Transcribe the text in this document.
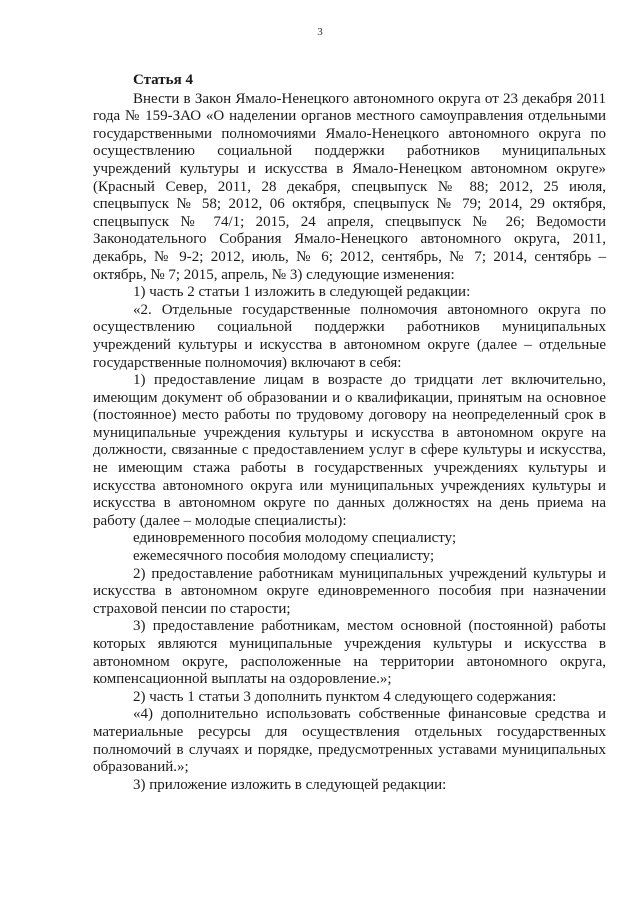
3
Статья 4

Внести в Закон Ямало-Ненецкого автономного округа от 23 декабря 2011 года № 159-ЗАО «О наделении органов местного самоуправления отдельными государственными полномочиями Ямало-Ненецкого автономного округа по осуществлению социальной поддержки работников муниципальных учреждений культуры и искусства в Ямало-Ненецком автономном округе» (Красный Север, 2011, 28 декабря, спецвыпуск № 88; 2012, 25 июля, спецвыпуск № 58; 2012, 06 октября, спецвыпуск № 79; 2014, 29 октября, спецвыпуск № 74/1; 2015, 24 апреля, спецвыпуск № 26; Ведомости Законодательного Собрания Ямало-Ненецкого автономного округа, 2011, декабрь, № 9-2; 2012, июль, № 6; 2012, сентябрь, № 7; 2014, сентябрь – октябрь, № 7; 2015, апрель, № 3) следующие изменения:

1) часть 2 статьи 1 изложить в следующей редакции:

«2. Отдельные государственные полномочия автономного округа по осуществлению социальной поддержки работников муниципальных учреждений культуры и искусства в автономном округе (далее – отдельные государственные полномочия) включают в себя:

1) предоставление лицам в возрасте до тридцати лет включительно, имеющим документ об образовании и о квалификации, принятым на основное (постоянное) место работы по трудовому договору на неопределенный срок в муниципальные учреждения культуры и искусства в автономном округе на должности, связанные с предоставлением услуг в сфере культуры и искусства, не имеющим стажа работы в государственных учреждениях культуры и искусства автономного округа или муниципальных учреждениях культуры и искусства в автономном округе по данных должностях на день приема на работу (далее – молодые специалисты):

единовременного пособия молодому специалисту;

ежемесячного пособия молодому специалисту;

2) предоставление работникам муниципальных учреждений культуры и искусства в автономном округе единовременного пособия при назначении страховой пенсии по старости;

3) предоставление работникам, местом основной (постоянной) работы которых являются муниципальные учреждения культуры и искусства в автономном округе, расположенные на территории автономного округа, компенсационной выплаты на оздоровление.»;

2) часть 1 статьи 3 дополнить пунктом 4 следующего содержания:

«4) дополнительно использовать собственные финансовые средства и материальные ресурсы для осуществления отдельных государственных полномочий в случаях и порядке, предусмотренных уставами муниципальных образований.»;

3) приложение изложить в следующей редакции:
